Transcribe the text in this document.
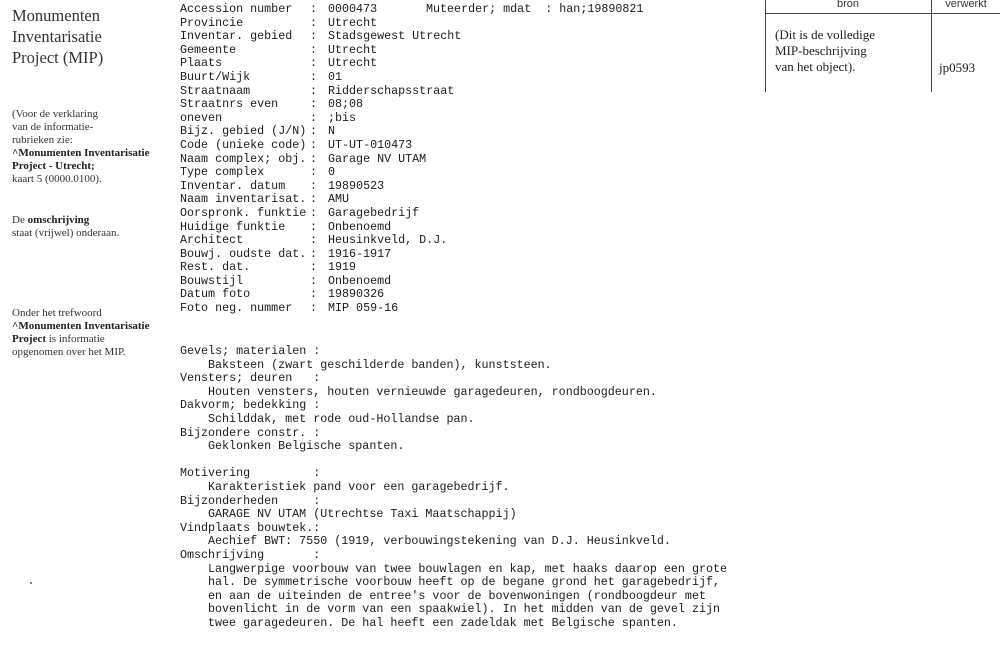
Monumenten
Inventarisatie
Project (MIP)
(Voor de verklaring
van de informatie-
rubrieken zie:
^Monumenten Inventarisatie
Project - Utrecht;
kaart 5 (0000.0100).
De omschrijving
staat (vrijwel) onderaan.
Onder het trefwoord
^Monumenten Inventarisatie
Project is informatie
opgenomen over het MIP.
Muteerder; mdat : han;19890821
Accession number	: 0000473
Provincie	: Utrecht
Inventar. gebied	: Stadsgewest Utrecht
Gemeente	: Utrecht
Plaats	: Utrecht
Buurt/Wijk	: 01
Straatnaam	: Ridderschapsstraat
Straatnrs even	: 08;08
oneven	: ;bis
Bijz. gebied (J/N) : N
Code (unieke code) : UT-UT-010473
Naam complex; obj. : Garage NV UTAM
Type complex	: 0
Inventar. datum	: 19890523
Naam inventarisat. : AMU
Oorspronk. funktie : Garagebedrijf
Huidige funktie	: Onbenoemd
Architect	: Heusinkveld, D.J.
Bouwj. oudste dat. : 1916-1917
Rest. dat.	: 1919
Bouwstijl	: Onbenoemd
Datum foto	: 19890326
Foto neg. nummer	: MIP 059-16
Gevels; materialen :
Baksteen (zwart geschilderde banden), kunststeen.
Vensters; deuren   :
Houten vensters, houten vernieuwde garagedeuren, rondboogdeuren.
Dakvorm; bedekking :
Schilddak, met rode oud-Hollandse pan.
Bijzondere constr. :
Geklonken Belgische spanten.
Motivering         :
Karakteristiek pand voor een garagebedrijf.
Bijzonderheden     :
GARAGE NV UTAM (Utrechtse Taxi Maatschappij)
Vindplaats bouwtek.:
Aechief BWT: 7550 (1919, verbouwingstekening van D.J. Heusinkveld.
Omschrijving       :
Langwerpige voorbouw van twee bouwlagen en kap, met haaks daarop een grote
hal. De symmetrische voorbouw heeft op de begane grond het garagebedrijf,
en aan de uiteinden de entree's voor de bovenwoningen (rondboogdeur met
bovenlicht in de vorm van een spaakwiel). In het midden van de gevel zijn
twee garagedeuren. De hal heeft een zadeldak met Belgische spanten.
bron	verwerkt
(Dit is de volledige
MIP-beschrijving
van het object).	jp0593
